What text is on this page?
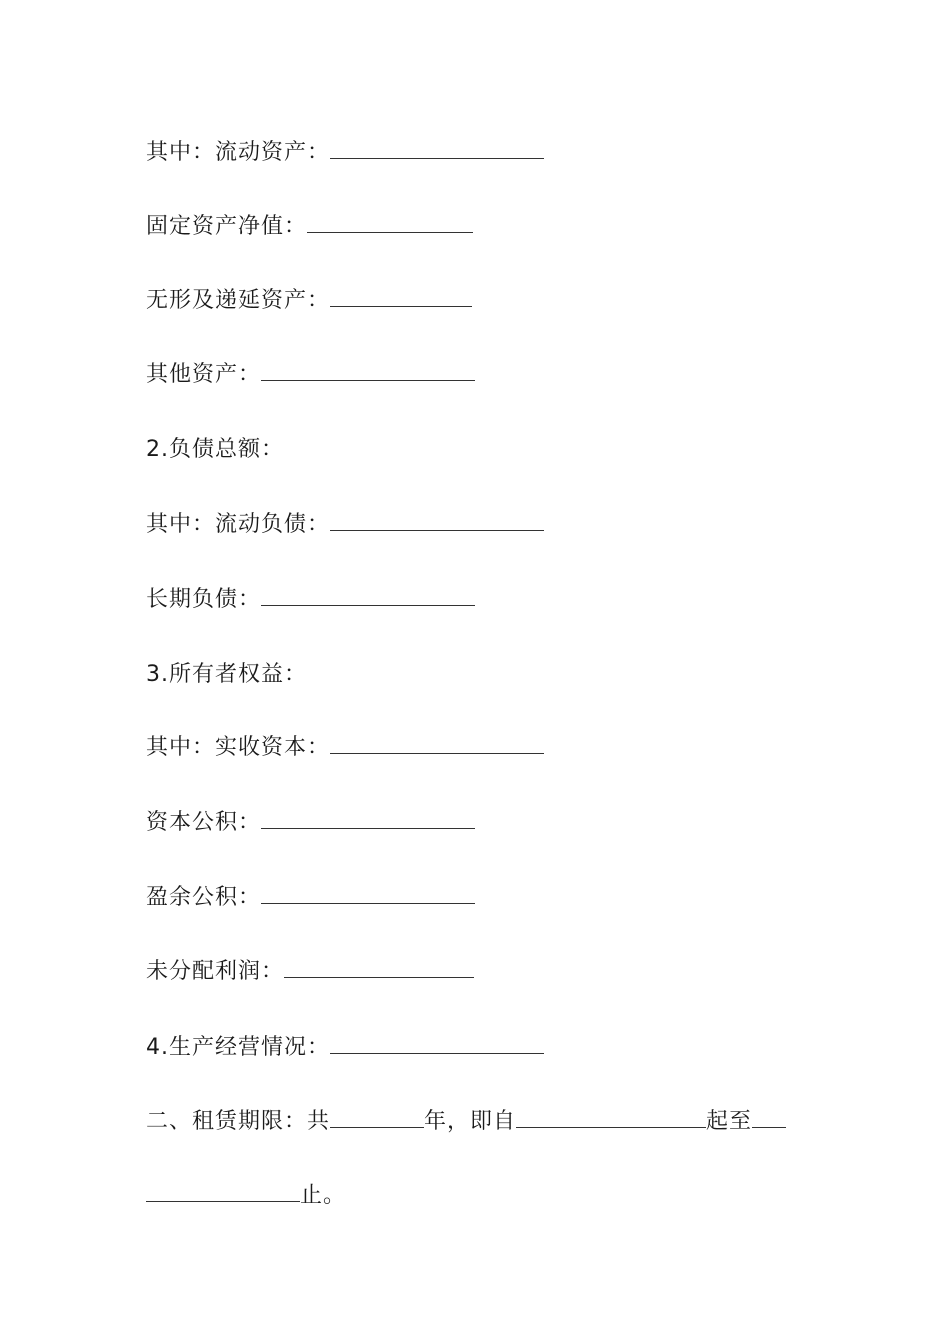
其中：流动资产：
固定资产净值：
无形及递延资产：
其他资产：
2.负债总额：
其中：流动负债：
长期负债：
3.所有者权益：
其中：实收资本：
资本公积：
盈余公积：
未分配利润：
4.生产经营情况：
二、租赁期限：共	年，即自	起至
止。
